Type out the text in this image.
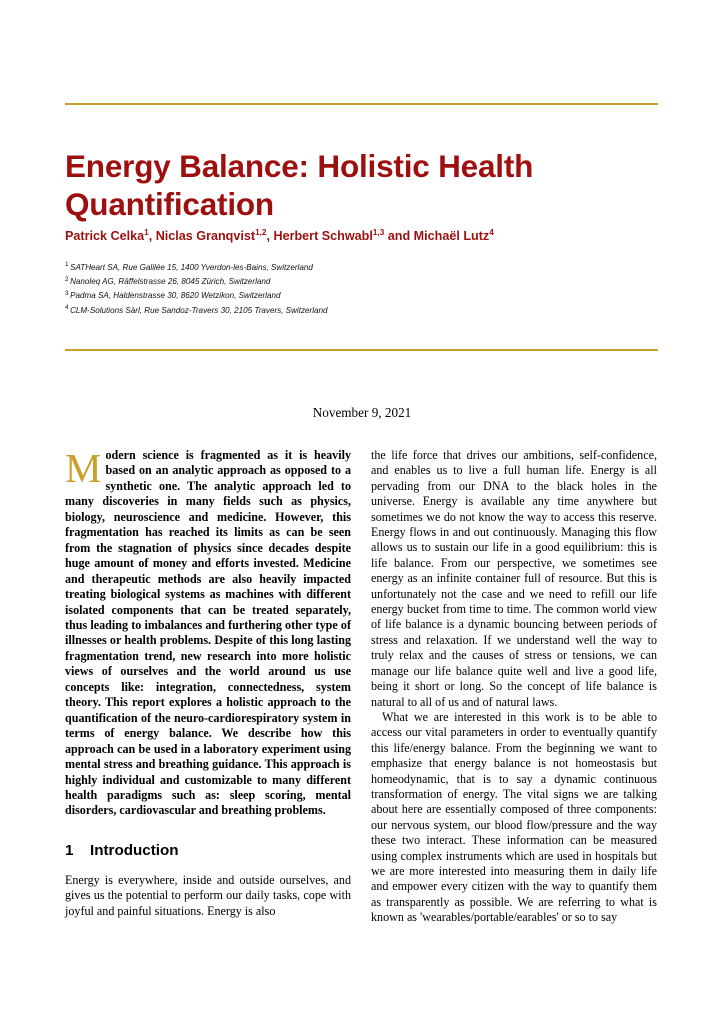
Energy Balance: Holistic Health
Quantification
Patrick Celka$^1$, Niclas Granqvist$^{1,2}$, Herbert Schwabl$^{1,3}$ and Michaël Lutz$^4$
$^1$ SATHeart SA, Rue Galilée 15, 1400 Yverdon-les-Bains, Switzerland
$^2$ Nanoleq AG, Räffelstrasse 26, 8045 Zürich, Switzerland
$^3$ Padma SA, Haldenstrasse 30, 8620 Wetzikon, Switzerland
$^4$ CLM-Solutions Sàrl, Rue Sandoz-Travers 30, 2105 Travers, Switzerland
November 9, 2021
Modern science is fragmented as it is heavily based on an analytic approach as opposed to a synthetic one. The analytic approach led to many discoveries in many fields such as physics, biology, neuroscience and medicine. However, this fragmentation has reached its limits as can be seen from the stagnation of physics since decades despite huge amount of money and efforts invested. Medicine and therapeutic methods are also heavily impacted treating biological systems as machines with different isolated components that can be treated separately, thus leading to imbalances and furthering other type of illnesses or health problems. Despite of this long lasting fragmentation trend, new research into more holistic views of ourselves and the world around us use concepts like: integration, connectedness, system theory. This report explores a holistic approach to the quantification of the neuro-cardiorespiratory system in terms of energy balance. We describe how this approach can be used in a laboratory experiment using mental stress and breathing guidance. This approach is highly individual and customizable to many different health paradigms such as: sleep scoring, mental disorders, cardiovascular and breathing problems.
1 Introduction

Energy is everywhere, inside and outside ourselves, and gives us the potential to perform our daily tasks, cope with joyful and painful situations. Energy is also

the life force that drives our ambitions, self-confidence, and enables us to live a full human life. Energy is all pervading from our DNA to the black holes in the universe. Energy is available any time anywhere but sometimes we do not know the way to access this reserve. Energy flows in and out continuously. Managing this flow allows us to sustain our life in a good equilibrium: this is life balance. From our perspective, we sometimes see energy as an infinite container full of resource. But this is unfortunately not the case and we need to refill our life energy bucket from time to time. The common world view of life balance is a dynamic bouncing between periods of stress and relaxation. If we understand well the way to truly relax and the causes of stress or tensions, we can manage our life balance quite well and live a good life, being it short or long. So the concept of life balance is natural to all of us and of natural laws.

What we are interested in this work is to be able to access our vital parameters in order to eventually quantify this life/energy balance. From the beginning we want to emphasize that energy balance is not homeostasis but homeodynamic, that is to say a dynamic continuous transformation of energy. The vital signs we are talking about here are essentially composed of three components: our nervous system, our blood flow/pressure and the way these two interact. These information can be measured using complex instruments which are used in hospitals but we are more interested into measuring them in daily life and empower every citizen with the way to quantify them as transparently as possible. We are referring to what is known as 'wearables/portable/earables' or so to say
